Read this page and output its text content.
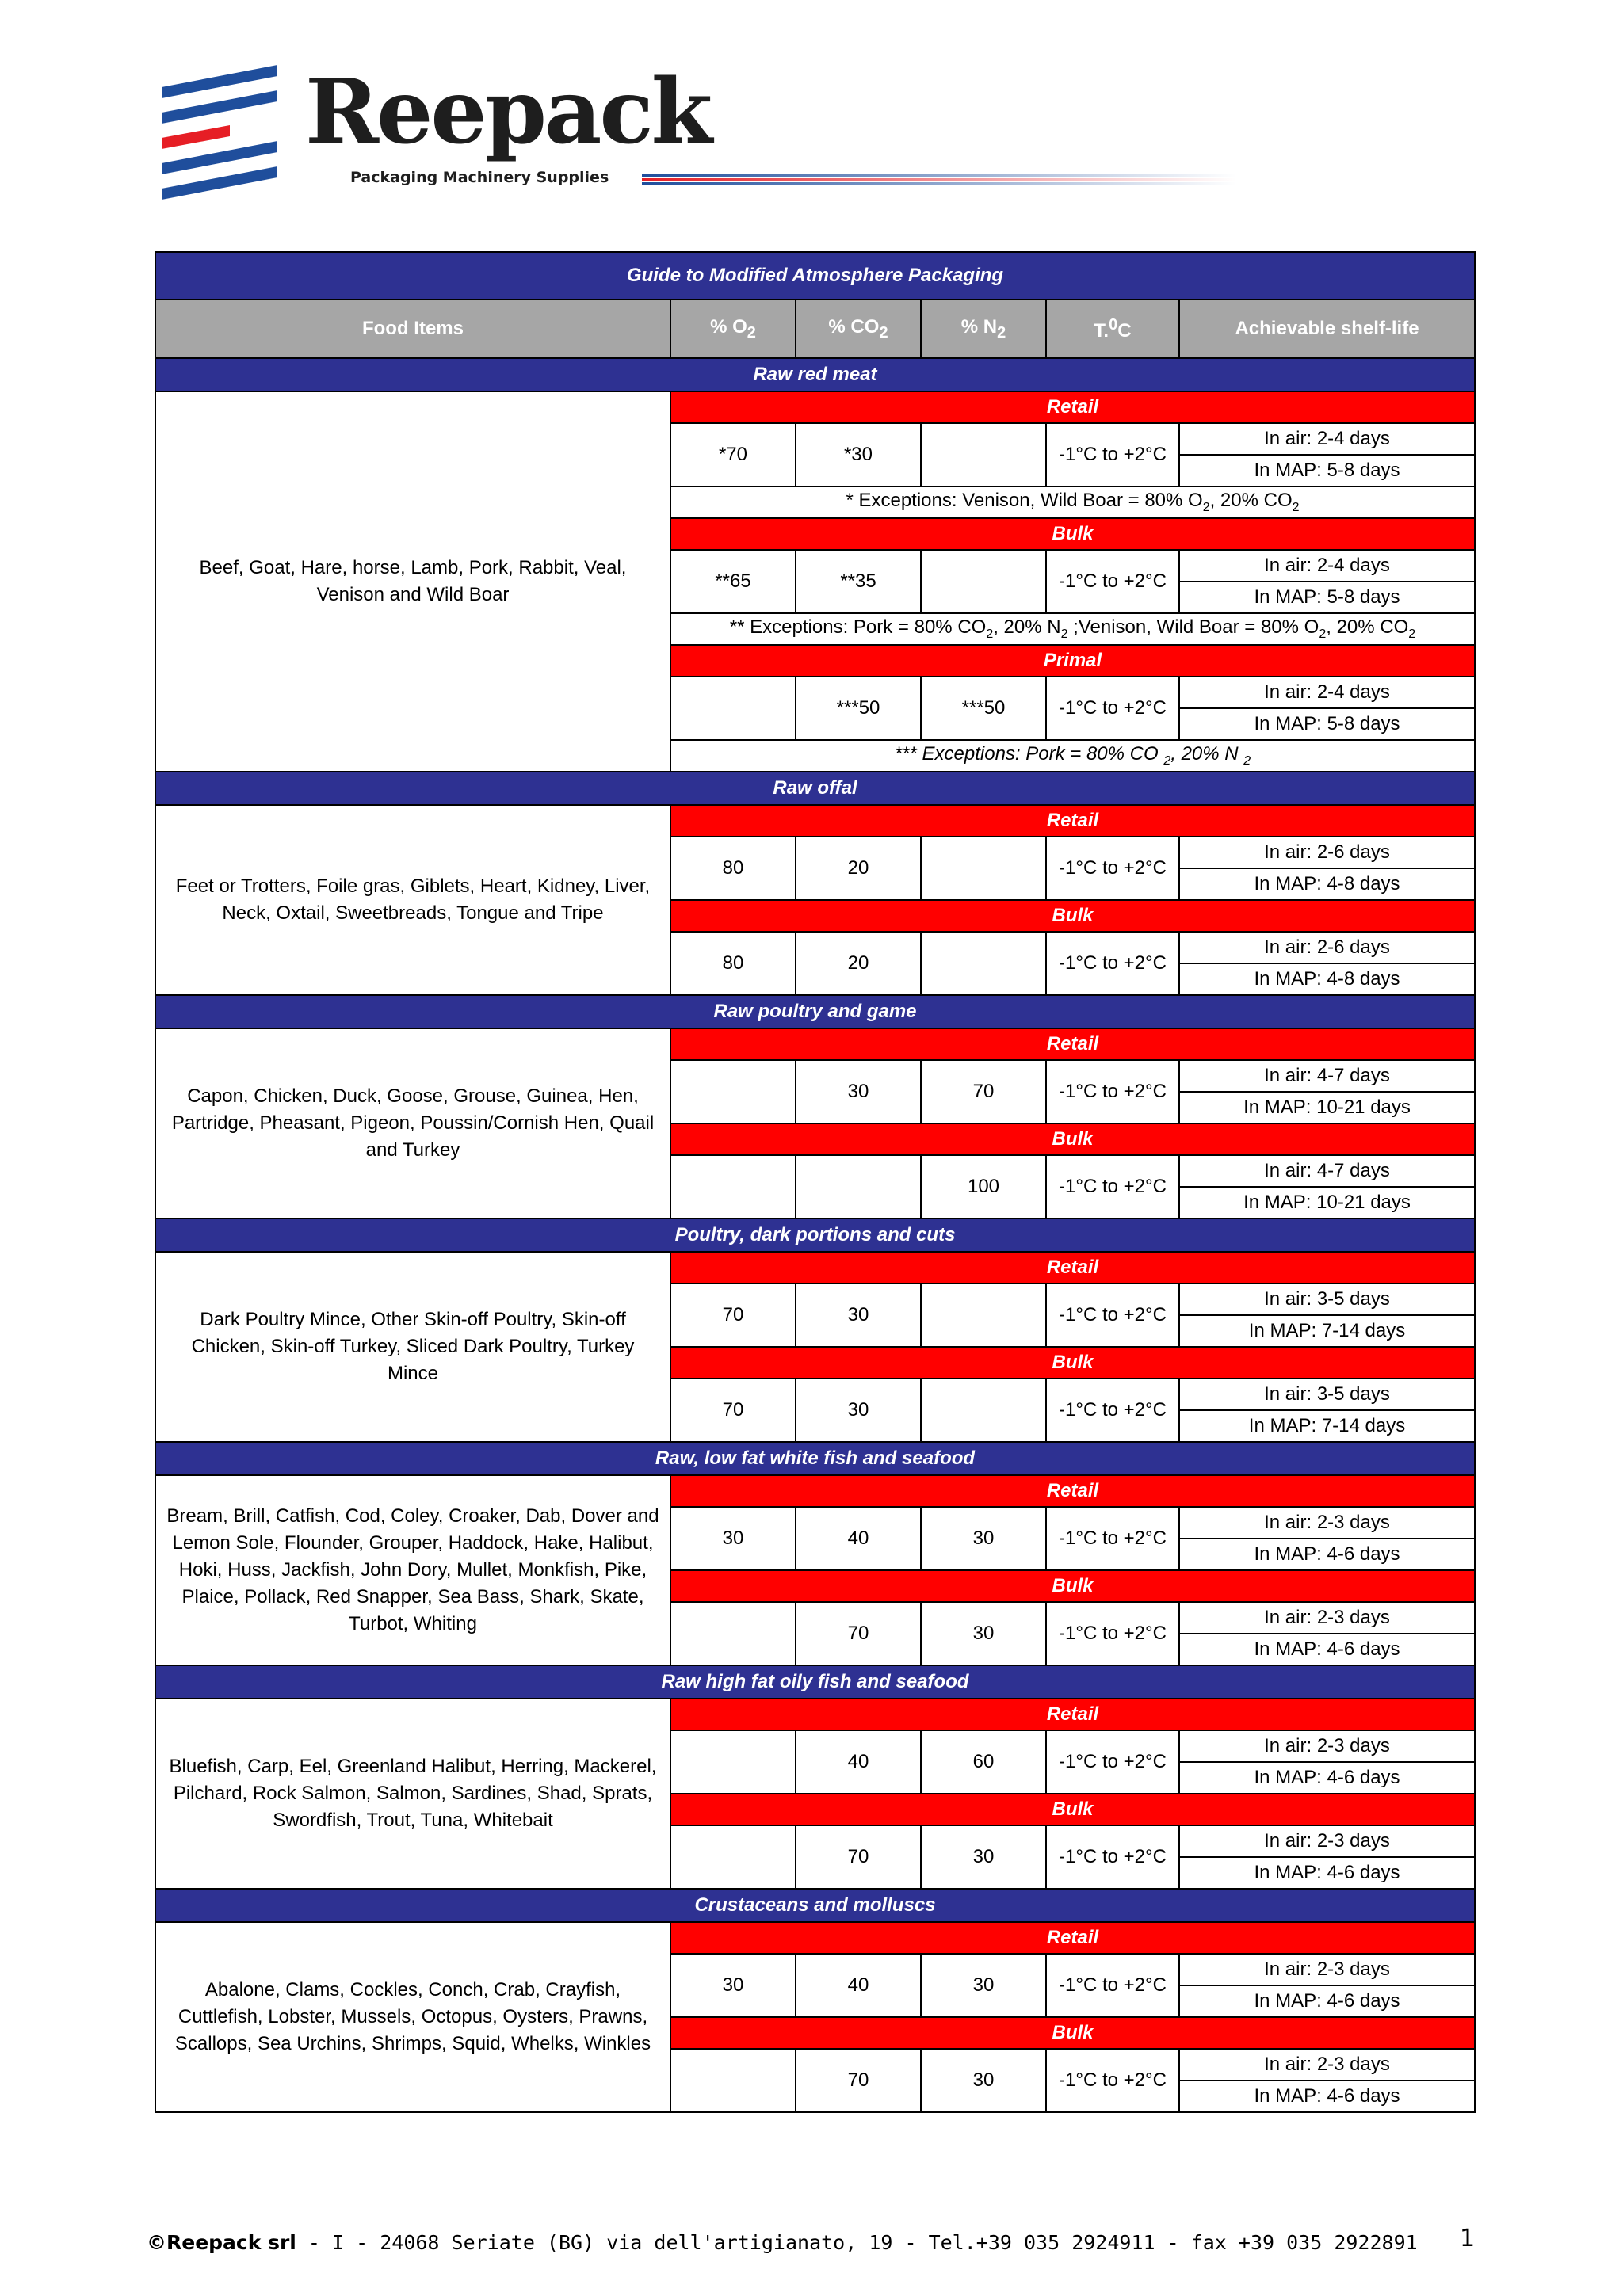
Reepack
Packaging Machinery Supplies
Guide to Modified Atmosphere Packaging					
Food Items	% $O_2$	% $CO_2$	% $N_2$	T.$^0$C	Achievable shelf-life
Raw red meat					
Beef, Goat, Hare, horse, Lamb, Pork, Rabbit, Veal, Venison and Wild Boar	Retail				
	*70	*30		-1°C to +2°C	In air: 2-4 days
					In MAP: 5-8 days
	* Exceptions: Venison, Wild Boar = 80% $O_2$, 20% $CO_2$
	Bulk				
	**65	**35		-1°C to +2°C	In air: 2-4 days
					In MAP: 5-8 days
	** Exceptions: Pork = 80% $CO_2$, 20% $N_2$ ;Venison, Wild Boar = 80% $O_2$, 20% $CO_2$
	Primal				
		***50	***50	-1°C to +2°C	In air: 2-4 days
					In MAP: 5-8 days
	*** Exceptions: Pork = 80% CO $_2$, 20% N $_2$
Raw offal					
Feet or Trotters, Foile gras, Giblets, Heart, Kidney, Liver, Neck, Oxtail, Sweetbreads, Tongue and Tripe	Retail				
	80	20		-1°C to +2°C	In air: 2-6 days
					In MAP: 4-8 days
	Bulk				
	80	20		-1°C to +2°C	In air: 2-6 days
					In MAP: 4-8 days
Raw poultry and game					
Capon, Chicken, Duck, Goose, Grouse, Guinea, Hen, Partridge, Pheasant, Pigeon, Poussin/Cornish Hen, Quail and Turkey	Retail				
		30	70	-1°C to +2°C	In air: 4-7 days
					In MAP: 10-21 days
	Bulk				
			100	-1°C to +2°C	In air: 4-7 days
					In MAP: 10-21 days
Poultry, dark portions and cuts					
Dark Poultry Mince, Other Skin-off Poultry, Skin-off Chicken, Skin-off Turkey, Sliced Dark Poultry, Turkey Mince	Retail				
	70	30		-1°C to +2°C	In air: 3-5 days
					In MAP: 7-14 days
	Bulk				
	70	30		-1°C to +2°C	In air: 3-5 days
					In MAP: 7-14 days
Raw, low fat white fish and seafood					
Bream, Brill, Catfish, Cod, Coley, Croaker, Dab, Dover and Lemon Sole, Flounder, Grouper, Haddock, Hake, Halibut, Hoki, Huss, Jackfish, John Dory, Mullet, Monkfish, Pike, Plaice, Pollack, Red Snapper, Sea Bass, Shark, Skate, Turbot, Whiting	Retail				
	30	40	30	-1°C to +2°C	In air: 2-3 days
					In MAP: 4-6 days
	Bulk				
		70	30	-1°C to +2°C	In air: 2-3 days
					In MAP: 4-6 days
Raw high fat oily fish and seafood					
Bluefish, Carp, Eel, Greenland Halibut, Herring, Mackerel, Pilchard, Rock Salmon, Salmon, Sardines, Shad, Sprats, Swordfish, Trout, Tuna, Whitebait	Retail				
		40	60	-1°C to +2°C	In air: 2-3 days
					In MAP: 4-6 days
	Bulk				
		70	30	-1°C to +2°C	In air: 2-3 days
					In MAP: 4-6 days
Crustaceans and molluscs					
Abalone, Clams, Cockles, Conch, Crab, Crayfish, Cuttlefish, Lobster, Mussels, Octopus, Oysters, Prawns, Scallops, Sea Urchins, Shrimps, Squid, Whelks, Winkles	Retail				
	30	40	30	-1°C to +2°C	In air: 2-3 days
					In MAP: 4-6 days
	Bulk				
		70	30	-1°C to +2°C	In air: 2-3 days
					In MAP: 4-6 days
©Reepack srl - I - 24068 Seriate (BG) via dell'artigianato, 19 - Tel.+39 035 2924911 - fax +39 035 2922891 1
